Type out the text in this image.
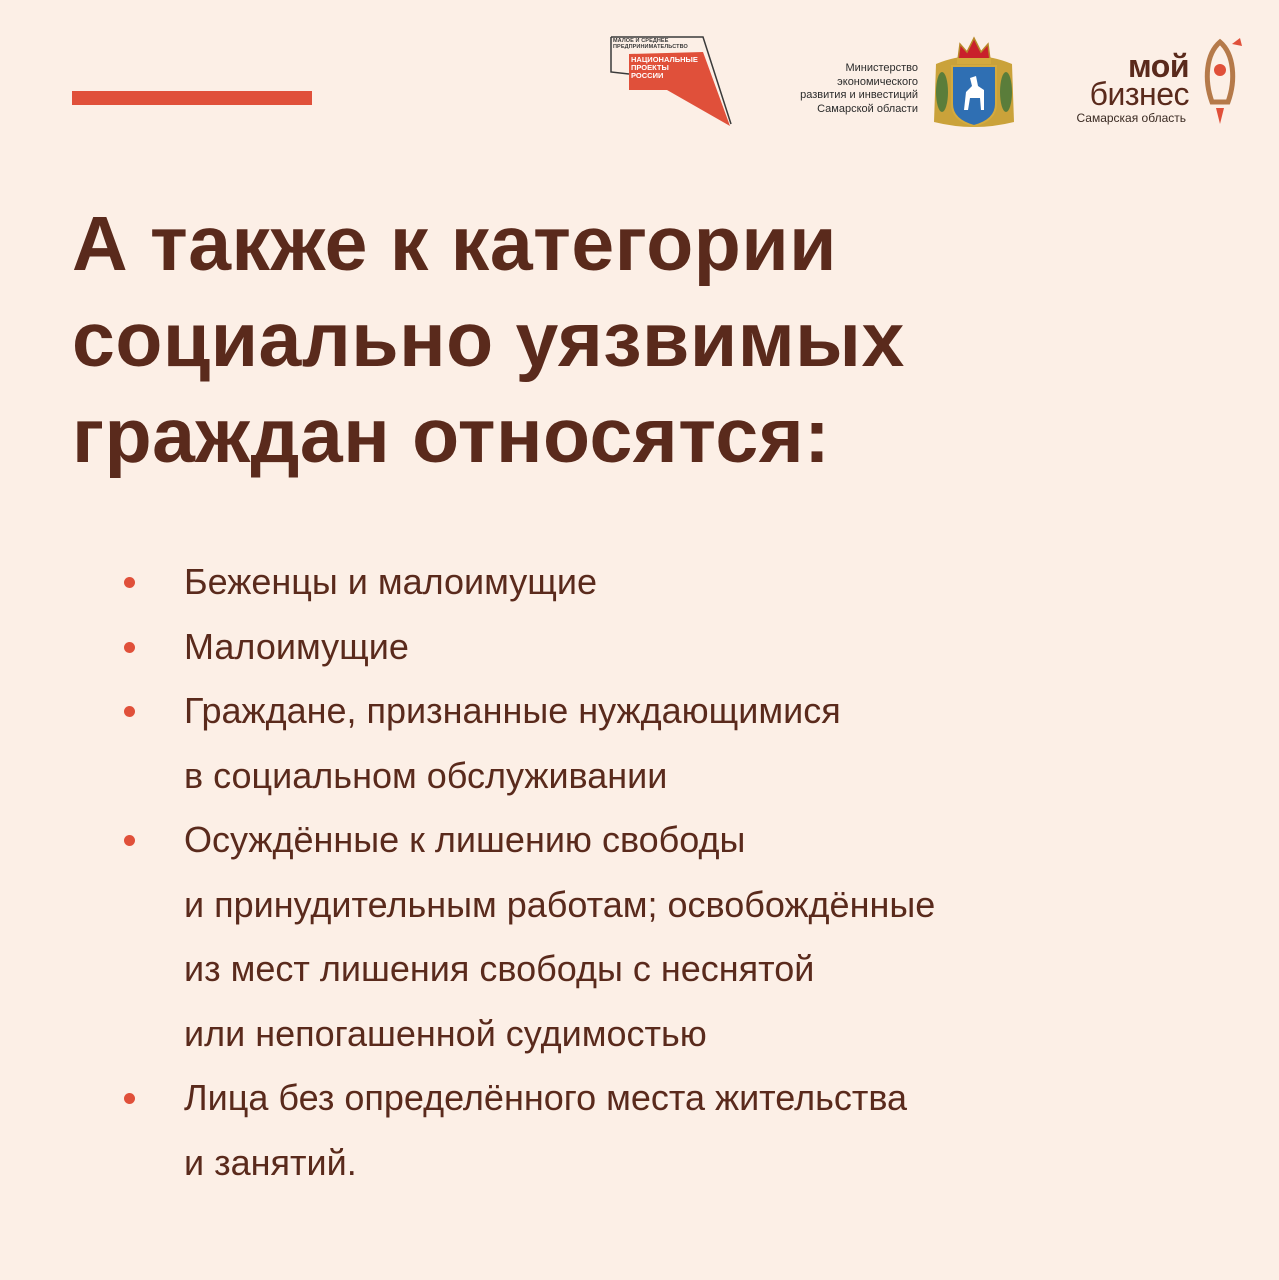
МАЛОЕ И СРЕДНЕЕ
ПРЕДПРИНИМАТЕЛЬСТВО
НАЦИОНАЛЬНЫЕ
ПРОЕКТЫ
РОССИИ
Министерство
экономического
развития и инвестиций
Самарской области
мой
бизнес
Самарская область
А также к категории
социально уязвимых
граждан относятся:
Беженцы и малоимущие
Малоимущие
Граждане, признанные нуждающимися
в социальном обслуживании
Осуждённые к лишению свободы
и принудительным работам; освобождённые
из мест лишения свободы с неснятой
или непогашенной судимостью
Лица без определённого места жительства
и занятий.
